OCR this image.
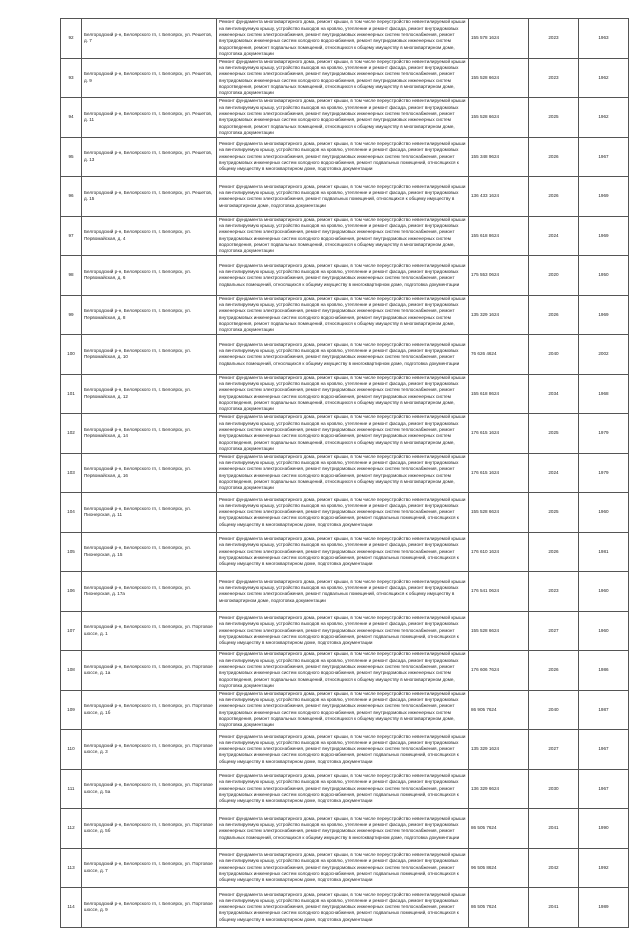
92	Белгородский р-н, Белоярского гп, г. Белоярск, ул. Решетов, д. 7	Ремонт фундамента многоквартирного дома, ремонт крыши, в том числе переустройство невентилируемой крыши на вентилируемую крышу, устройство выходов на кровлю, утепление и ремонт фасада, ремонт внутридомовых инженерных систем электроснабжения, ремонт внутридомовых инженерных систем теплоснабжения, ремонт внутридомовых инженерных систем холодного водоснабжения, ремонт внутридомовых инженерных систем водоотведения, ремонт подвальных помещений, относящихся к общему имуществу в многоквартирном доме, подготовка документации	155 578 1624	2023	1963
93	Белгородский р-н, Белоярского гп, г. Белоярск, ул. Решетов, д. 9	Ремонт фундамента многоквартирного дома, ремонт крыши, в том числе переустройство невентилируемой крыши на вентилируемую крышу, устройство выходов на кровлю, утепление и ремонт фасада, ремонт внутридомовых инженерных систем электроснабжения, ремонт внутридомовых инженерных систем теплоснабжения, ремонт внутридомовых инженерных систем холодного водоснабжения, ремонт внутридомовых инженерных систем водоотведения, ремонт подвальных помещений, относящихся к общему имуществу в многоквартирном доме, подготовка документации	155 528 6624	2023	1962
94	Белгородский р-н, Белоярского гп, г. Белоярск, ул. Решетов, д. 11	Ремонт фундамента многоквартирного дома, ремонт крыши, в том числе переустройство невентилируемой крыши на вентилируемую крышу, устройство выходов на кровлю, утепление и ремонт фасада, ремонт внутридомовых инженерных систем электроснабжения, ремонт внутридомовых инженерных систем теплоснабжения, ремонт внутридомовых инженерных систем холодного водоснабжения, ремонт внутридомовых инженерных систем водоотведения, ремонт подвальных помещений, относящихся к общему имуществу в многоквартирном доме, подготовка документации	155 528 6624	2025	1962
95	Белгородский р-н, Белоярского гп, г. Белоярск, ул. Решетов, д. 13	Ремонт фундамента многоквартирного дома, ремонт крыши, в том числе переустройство невентилируемой крыши на вентилируемую крышу, устройство выходов на кровлю, утепление и ремонт фасада, ремонт внутридомовых инженерных систем электроснабжения, ремонт внутридомовых инженерных систем теплоснабжения, ремонт внутридомовых инженерных систем холодного водоснабжения, ремонт подвальных помещений, относящихся к общему имуществу в многоквартирном доме, подготовка документации	155 348 9624	2026	1967
96	Белгородский р-н, Белоярского гп, г. Белоярск, ул. Решетов, д. 15	Ремонт фундамента многоквартирного дома, ремонт крыши, в том числе переустройство невентилируемой крыши на вентилируемую крышу, устройство выходов на кровлю, утепление и ремонт фасада, ремонт внутридомовых инженерных систем электроснабжения, ремонт подвальных помещений, относящихся к общему имуществу в многоквартирном доме, подготовка документации	136 433 1624	2026	1969
97	Белгородский р-н, Белоярского гп, г. Белоярск, ул. Первомайская, д. 4	Ремонт фундамента многоквартирного дома, ремонт крыши, в том числе переустройство невентилируемой крыши на вентилируемую крышу, устройство выходов на кровлю, утепление и ремонт фасада, ремонт внутридомовых инженерных систем электроснабжения, ремонт внутридомовых инженерных систем теплоснабжения, ремонт внутридомовых инженерных систем холодного водоснабжения, ремонт внутридомовых инженерных систем водоотведения, ремонт подвальных помещений, относящихся к общему имуществу в многоквартирном доме, подготовка документации	155 618 8624	2024	1969
98	Белгородский р-н, Белоярского гп, г. Белоярск, ул. Первомайская, д. 6	Ремонт фундамента многоквартирного дома, ремонт крыши, в том числе переустройство невентилируемой крыши на вентилируемую крышу, устройство выходов на кровлю, утепление и ремонт фасада, ремонт внутридомовых инженерных систем электроснабжения, ремонт внутридомовых инженерных систем теплоснабжения, ремонт подвальных помещений, относящихся к общему имуществу в многоквартирном доме, подготовка документации	175 553 0624	2020	1950
99	Белгородский р-н, Белоярского гп, г. Белоярск, ул. Первомайская, д. 8	Ремонт фундамента многоквартирного дома, ремонт крыши, в том числе переустройство невентилируемой крыши на вентилируемую крышу, устройство выходов на кровлю, утепление и ремонт фасада, ремонт внутридомовых инженерных систем электроснабжения, ремонт внутридомовых инженерных систем теплоснабжения, ремонт внутридомовых инженерных систем холодного водоснабжения, ремонт внутридомовых инженерных систем водоотведения, ремонт подвальных помещений, относящихся к общему имуществу в многоквартирном доме, подготовка документации	135 329 1624	2026	1969
100	Белгородский р-н, Белоярского гп, г. Белоярск, ул. Первомайская, д. 10	Ремонт фундамента многоквартирного дома, ремонт крыши, в том числе переустройство невентилируемой крыши на вентилируемую крышу, устройство выходов на кровлю, утепление и ремонт фасада, ремонт внутридомовых инженерных систем электроснабжения, ремонт внутридомовых инженерных систем теплоснабжения, ремонт подвальных помещений, относящихся к общему имуществу в многоквартирном доме, подготовка документации	76 626 4624	2040	2002
101	Белгородский р-н, Белоярского гп, г. Белоярск, ул. Первомайская, д. 12	Ремонт фундамента многоквартирного дома, ремонт крыши, в том числе переустройство невентилируемой крыши на вентилируемую крышу, устройство выходов на кровлю, утепление и ремонт фасада, ремонт внутридомовых инженерных систем электроснабжения, ремонт внутридомовых инженерных систем теплоснабжения, ремонт внутридомовых инженерных систем холодного водоснабжения, ремонт внутридомовых инженерных систем водоотведения, ремонт подвальных помещений, относящихся к общему имуществу в многоквартирном доме, подготовка документации	155 618 8624	2034	1968
102	Белгородский р-н, Белоярского гп, г. Белоярск, ул. Первомайская, д. 14	Ремонт фундамента многоквартирного дома, ремонт крыши, в том числе переустройство невентилируемой крыши на вентилируемую крышу, устройство выходов на кровлю, утепление и ремонт фасада, ремонт внутридомовых инженерных систем электроснабжения, ремонт внутридомовых инженерных систем теплоснабжения, ремонт внутридомовых инженерных систем холодного водоснабжения, ремонт внутридомовых инженерных систем водоотведения, ремонт подвальных помещений, относящихся к общему имуществу в многоквартирном доме, подготовка документации	176 615 1624	2025	1979
103	Белгородский р-н, Белоярского гп, г. Белоярск, ул. Первомайская, д. 16	Ремонт фундамента многоквартирного дома, ремонт крыши, в том числе переустройство невентилируемой крыши на вентилируемую крышу, устройство выходов на кровлю, утепление и ремонт фасада, ремонт внутридомовых инженерных систем электроснабжения, ремонт внутридомовых инженерных систем теплоснабжения, ремонт внутридомовых инженерных систем холодного водоснабжения, ремонт внутридомовых инженерных систем водоотведения, ремонт подвальных помещений, относящихся к общему имуществу в многоквартирном доме, подготовка документации	176 615 1624	2024	1979
104	Белгородский р-н, Белоярского гп, г. Белоярск, ул. Пионерская, д. 11	Ремонт фундамента многоквартирного дома, ремонт крыши, в том числе переустройство невентилируемой крыши на вентилируемую крышу, устройство выходов на кровлю, утепление и ремонт фасада, ремонт внутридомовых инженерных систем электроснабжения, ремонт внутридомовых инженерных систем теплоснабжения, ремонт внутридомовых инженерных систем холодного водоснабжения, ремонт подвальных помещений, относящихся к общему имуществу в многоквартирном доме, подготовка документации	155 528 6624	2025	1960
105	Белгородский р-н, Белоярского гп, г. Белоярск, ул. Пионерская, д. 15	Ремонт фундамента многоквартирного дома, ремонт крыши, в том числе переустройство невентилируемой крыши на вентилируемую крышу, устройство выходов на кровлю, утепление и ремонт фасада, ремонт внутридомовых инженерных систем электроснабжения, ремонт внутридомовых инженерных систем теплоснабжения, ремонт внутридомовых инженерных систем холодного водоснабжения, ремонт подвальных помещений, относящихся к общему имуществу в многоквартирном доме, подготовка документации	176 610 1624	2026	1981
106	Белгородский р-н, Белоярского гп, г. Белоярск, ул. Пионерская, д. 17а	Ремонт фундамента многоквартирного дома, ремонт крыши, в том числе переустройство невентилируемой крыши на вентилируемую крышу, устройство выходов на кровлю, утепление и ремонт фасада, ремонт внутридомовых инженерных систем электроснабжения, ремонт подвальных помещений, относящихся к общему имуществу в многоквартирном доме, подготовка документации	176 541 0624	2023	1960
107	Белгородский р-н, Белоярского гп, г. Белоярск, ул. Портовое шоссе, д. 1	Ремонт фундамента многоквартирного дома, ремонт крыши, в том числе переустройство невентилируемой крыши на вентилируемую крышу, устройство выходов на кровлю, утепление и ремонт фасада, ремонт внутридомовых инженерных систем электроснабжения, ремонт внутридомовых инженерных систем теплоснабжения, ремонт внутридомовых инженерных систем холодного водоснабжения, ремонт подвальных помещений, относящихся к общему имуществу в многоквартирном доме, подготовка документации	155 528 6624	2027	1960
108	Белгородский р-н, Белоярского гп, г. Белоярск, ул. Портовое шоссе, д. 1а	Ремонт фундамента многоквартирного дома, ремонт крыши, в том числе переустройство невентилируемой крыши на вентилируемую крышу, устройство выходов на кровлю, утепление и ремонт фасада, ремонт внутридомовых инженерных систем электроснабжения, ремонт внутридомовых инженерных систем теплоснабжения, ремонт внутридомовых инженерных систем холодного водоснабжения, ремонт внутридомовых инженерных систем водоотведения, ремонт подвальных помещений, относящихся к общему имуществу в многоквартирном доме, подготовка документации	176 606 7624	2026	1986
109	Белгородский р-н, Белоярского гп, г. Белоярск, ул. Портовое шоссе, д. 1б	Ремонт фундамента многоквартирного дома, ремонт крыши, в том числе переустройство невентилируемой крыши на вентилируемую крышу, устройство выходов на кровлю, утепление и ремонт фасада, ремонт внутридомовых инженерных систем электроснабжения, ремонт внутридомовых инженерных систем теплоснабжения, ремонт внутридомовых инженерных систем холодного водоснабжения, ремонт внутридомовых инженерных систем водоотведения, ремонт подвальных помещений, относящихся к общему имуществу в многоквартирном доме, подготовка документации	86 905 7624	2040	1987
110	Белгородский р-н, Белоярского гп, г. Белоярск, ул. Портовое шоссе, д. 3	Ремонт фундамента многоквартирного дома, ремонт крыши, в том числе переустройство невентилируемой крыши на вентилируемую крышу, устройство выходов на кровлю, утепление и ремонт фасада, ремонт внутридомовых инженерных систем электроснабжения, ремонт внутридомовых инженерных систем теплоснабжения, ремонт внутридомовых инженерных систем холодного водоснабжения, ремонт подвальных помещений, относящихся к общему имуществу в многоквартирном доме, подготовка документации	135 329 1624	2027	1967
111	Белгородский р-н, Белоярского гп, г. Белоярск, ул. Портовое шоссе, д. 5а	Ремонт фундамента многоквартирного дома, ремонт крыши, в том числе переустройство невентилируемой крыши на вентилируемую крышу, устройство выходов на кровлю, утепление и ремонт фасада, ремонт внутридомовых инженерных систем электроснабжения, ремонт внутридомовых инженерных систем теплоснабжения, ремонт внутридомовых инженерных систем холодного водоснабжения, ремонт подвальных помещений, относящихся к общему имуществу в многоквартирном доме, подготовка документации	136 329 6624	2030	1967
112	Белгородский р-н, Белоярского гп, г. Белоярск, ул. Портовое шоссе, д. 5б	Ремонт фундамента многоквартирного дома, ремонт крыши, в том числе переустройство невентилируемой крыши на вентилируемую крышу, устройство выходов на кровлю, утепление и ремонт фасада, ремонт внутридомовых инженерных систем электроснабжения, ремонт внутридомовых инженерных систем теплоснабжения, ремонт подвальных помещений, относящихся к общему имуществу в многоквартирном доме, подготовка документации	86 505 7624	2041	1990
113	Белгородский р-н, Белоярского гп, г. Белоярск, ул. Портовое шоссе, д. 7	Ремонт фундамента многоквартирного дома, ремонт крыши, в том числе переустройство невентилируемой крыши на вентилируемую крышу, устройство выходов на кровлю, утепление и ремонт фасада, ремонт внутридомовых инженерных систем электроснабжения, ремонт внутридомовых инженерных систем теплоснабжения, ремонт внутридомовых инженерных систем холодного водоснабжения, ремонт подвальных помещений, относящихся к общему имуществу в многоквартирном доме, подготовка документации	96 505 8624	2042	1992
114	Белгородский р-н, Белоярского гп, г. Белоярск, ул. Портовое шоссе, д. 9	Ремонт фундамента многоквартирного дома, ремонт крыши, в том числе переустройство невентилируемой крыши на вентилируемую крышу, устройство выходов на кровлю, утепление и ремонт фасада, ремонт внутридомовых инженерных систем электроснабжения, ремонт внутридомовых инженерных систем теплоснабжения, ремонт внутридомовых инженерных систем холодного водоснабжения, ремонт подвальных помещений, относящихся к общему имуществу в многоквартирном доме, подготовка документации	86 505 7624	2041	1989
